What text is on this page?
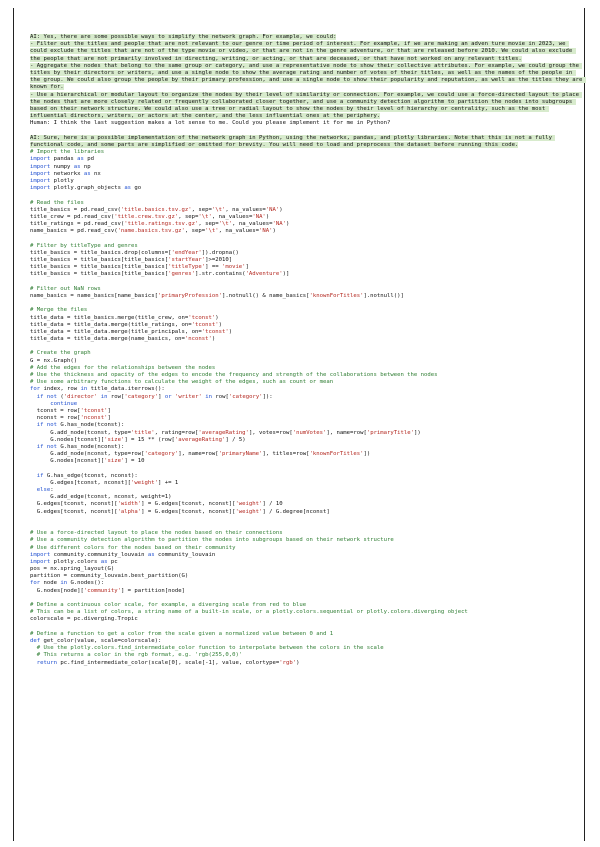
AI: Yes, there are some possible ways to simplify the network graph. For example, we could:

- Filter out the titles and people that are not relevant to our genre or time period of interest. For example, if we are making an adven ture movie in 2023, we could exclude the titles that are not of the type movie or video, or that are not in the genre adventure, or that are released before 2010. We could also exclude the people that are not primarily involved in directing, writing, or acting, or that are deceased, or that have not worked on any relevant titles.

- Aggregate the nodes that belong to the same group or category, and use a representative node to show their collective attributes. For example, we could group the titles by their directors or writers, and use a single node to show the average rating and number of votes of their titles, as well as the names of the people in the group. We could also group the people by their primary profession, and use a single node to show their popularity and reputation, as well as the titles they are known for.

- Use a hierarchical or modular layout to organize the nodes by their level of similarity or connection. For example, we could use a force-directed layout to place the nodes that are more closely related or frequently collaborated closer together, and use a community detection algorithm to partition the nodes into subgroups based on their network structure. We could also use a tree or radial layout to show the nodes by their level of hierarchy or centrality, such as the most influential directors, writers, or actors at the center, and the less influential ones at the periphery.

Human: I think the last suggestion makes a lot sense to me. Could you please implement it for me in Python?

AI: Sure, here is a possible implementation of the network graph in Python, using the networkx, pandas, and plotly libraries. Note that this is not a fully functional code, and some parts are simplified or omitted for brevity. You will need to load and preprocess the dataset before running this code.

# Import the libraries
import pandas as pd
import numpy as np
import networkx as nx
import plotly
import plotly.graph_objects as go

# Read the files
title_basics = pd.read_csv('title.basics.tsv.gz', sep='\t', na_values='NA')
title_crew = pd.read_csv('title.crew.tsv.gz', sep='\t', na_values='NA')
title_ratings = pd.read_csv('title.ratings.tsv.gz', sep='\t', na_values='NA')
name_basics = pd.read_csv('name.basics.tsv.gz', sep='\t', na_values='NA')

# Filter by titleType and genres
title_basics = title_basics.drop(columns=['endYear']).dropna()
title_basics = title_basics[title_basics['startYear']>=2010]
title_basics = title_basics[title_basics['titleType'] == 'movie']
title_basics = title_basics[title_basics['genres'].str.contains('Adventure')]

# Filter out NaN rows
name_basics = name_basics[name_basics['primaryProfession'].notnull() & name_basics['knownForTitles'].notnull()]

# Merge the files
title_data = title_basics.merge(title_crew, on='tconst')
title_data = title_data.merge(title_ratings, on='tconst')
title_data = title_data.merge(title_principals, on='tconst')
title_data = title_data.merge(name_basics, on='nconst')

# Create the graph
G = nx.Graph()
# Add the edges for the relationships between the nodes
# Use the thickness and opacity of the edges to encode the frequency and strength of the collaborations between the nodes
# Use some arbitrary functions to calculate the weight of the edges, such as count or mean
for index, row in title_data.iterrows():
if not ('director' in row['category'] or 'writer' in row['category']):
continue
tconst = row['tconst']
nconst = row['nconst']
if not G.has_node(tconst):
G.add_node(tconst, type='title', rating=row['averageRating'], votes=row['numVotes'], name=row['primaryTitle'])
G.nodes[tconst]['size'] = 15 ** (row['averageRating'] / 5)
if not G.has_node(nconst):
G.add_node(nconst, type=row['category'], name=row['primaryName'], titles=row['knownForTitles'])
G.nodes[nconst]['size'] = 10

if G.has_edge(tconst, nconst):
G.edges[tconst, nconst]['weight'] += 1
else:
G.add_edge(tconst, nconst, weight=1)
G.edges[tconst, nconst]['width'] = G.edges[tconst, nconst]['weight'] / 10
G.edges[tconst, nconst]['alpha'] = G.edges[tconst, nconst]['weight'] / G.degree[nconst]

# Use a force-directed layout to place the nodes based on their connections
# Use a community detection algorithm to partition the nodes into subgroups based on their network structure
# Use different colors for the nodes based on their community
import community.community_louvain as community_louvain
import plotly.colors as pc
pos = nx.spring_layout(G)
partition = community_louvain.best_partition(G)
for node in G.nodes():
G.nodes[node]['community'] = partition[node]

# Define a continuous color scale, for example, a diverging scale from red to blue
# This can be a list of colors, a string name of a built-in scale, or a plotly.colors.sequential or plotly.colors.diverging object
colorscale = pc.diverging.Tropic

# Define a function to get a color from the scale given a normalized value between 0 and 1
def get_color(value, scale=colorscale):
# Use the plotly.colors.find_intermediate_color function to interpolate between the colors in the scale
# This returns a color in the rgb format, e.g. 'rgb(255,0,0)'
return pc.find_intermediate_color(scale[0], scale[-1], value, colortype='rgb')
